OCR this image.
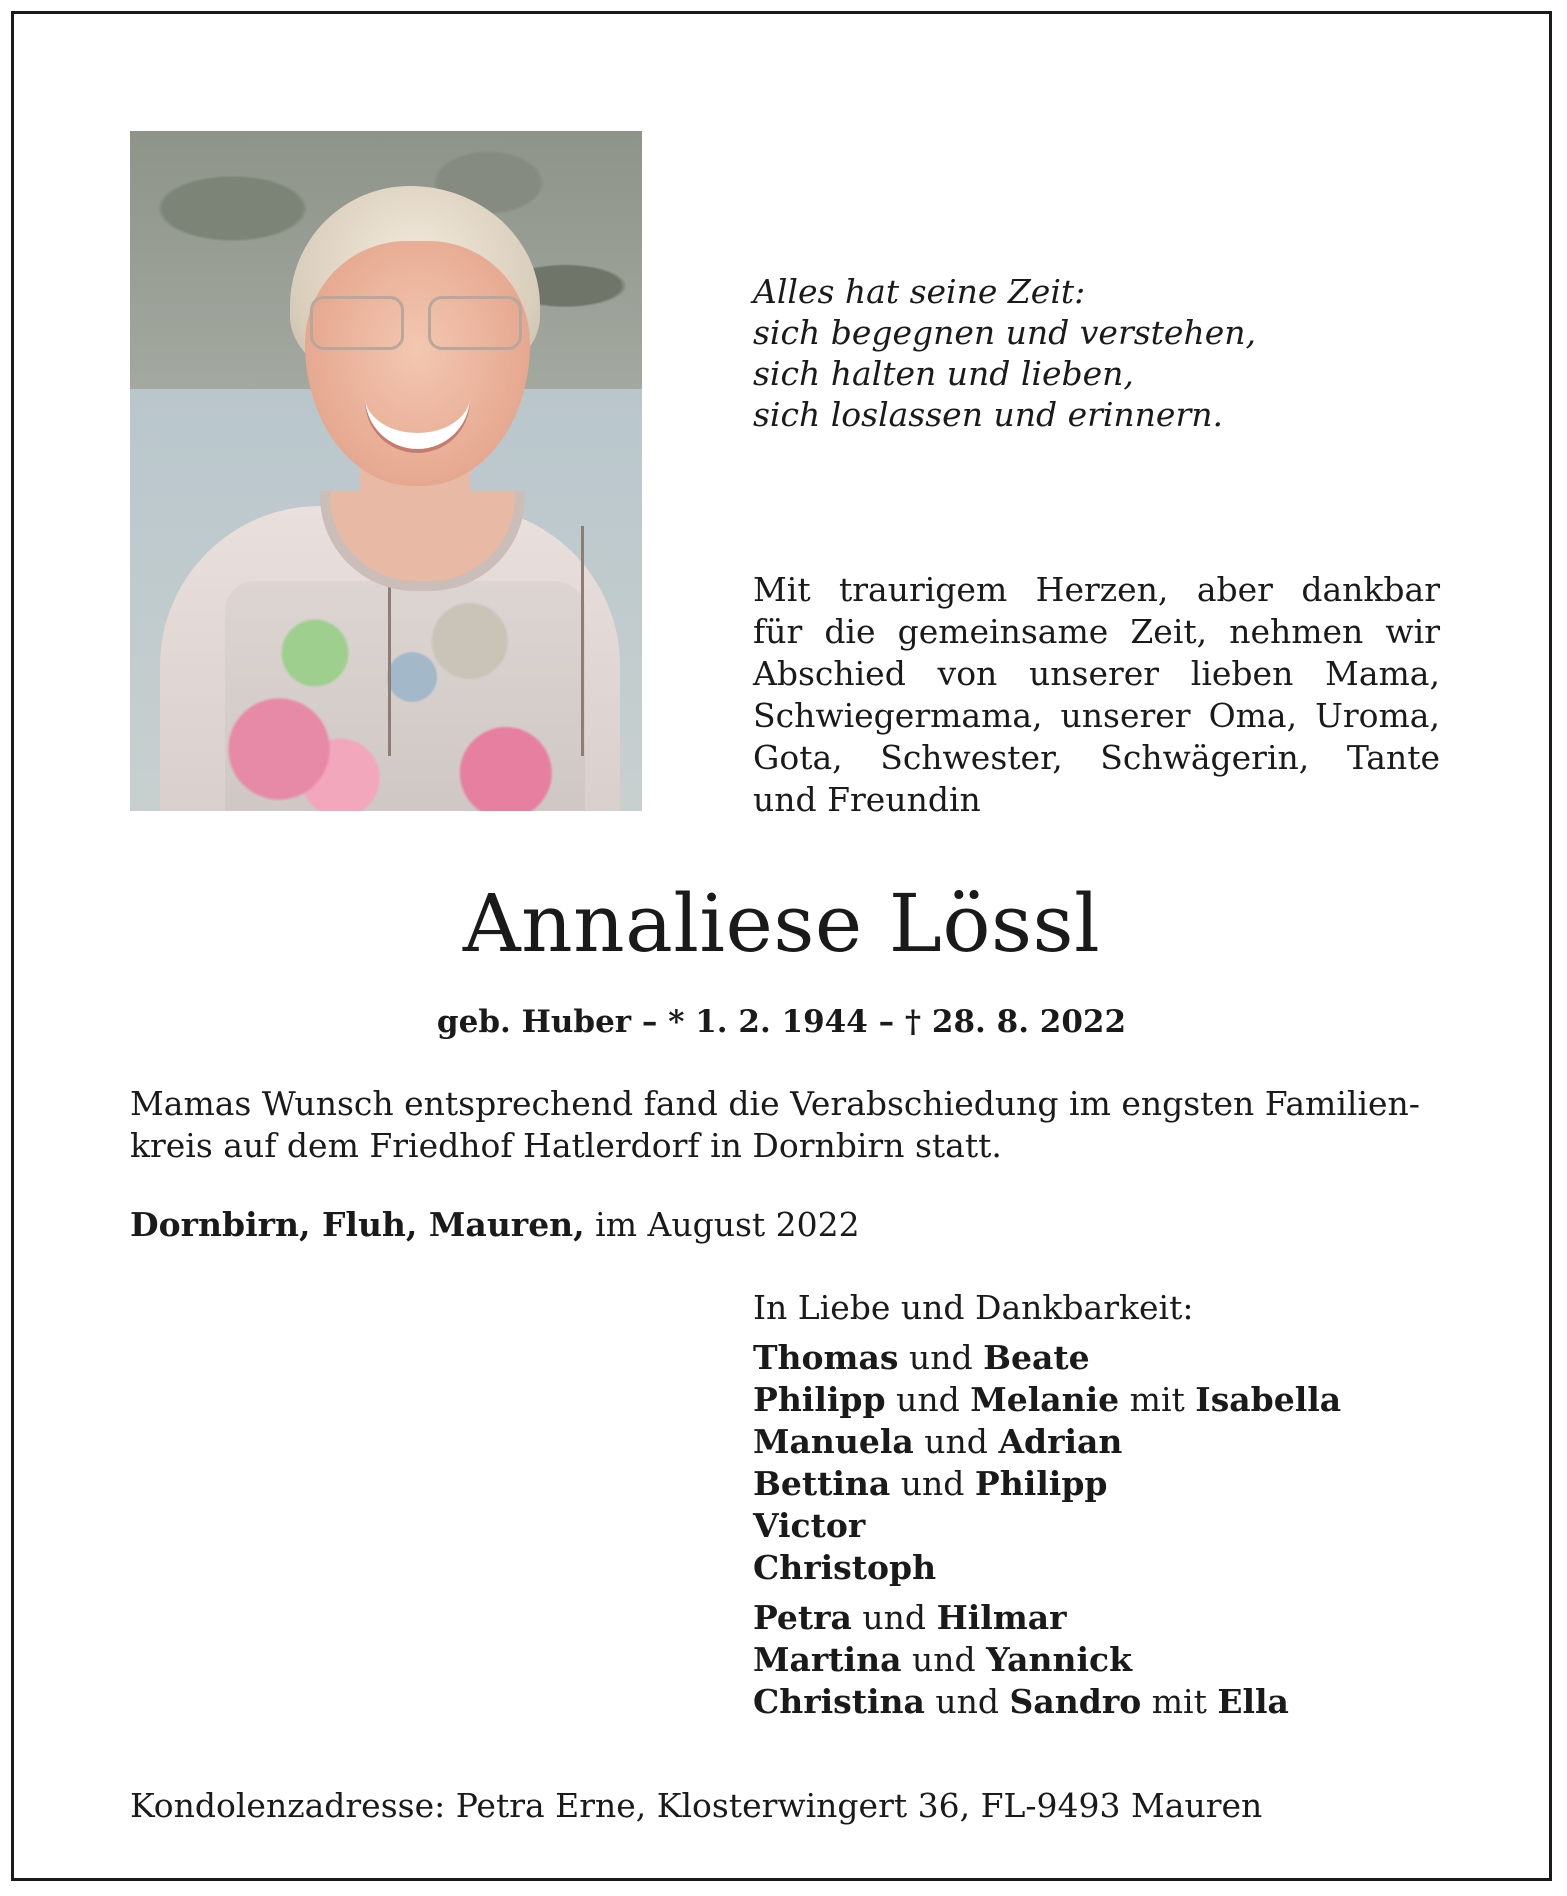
Alles hat seine Zeit:
sich begegnen und verstehen,
sich halten und lieben,
sich loslassen und erinnern.
Mit traurigem Herzen, aber dankbar
für die gemeinsame Zeit, nehmen wir
Abschied von unserer lieben Mama,
Schwiegermama, unserer Oma, Uroma,
Gota, Schwester, Schwägerin, Tante
und Freundin
Annaliese Lössl
geb. Huber – * 1. 2. 1944 – † 28. 8. 2022
Mamas Wunsch entsprechend fand die Verabschiedung im engsten Familien-
kreis auf dem Friedhof Hatlerdorf in Dornbirn statt.
Dornbirn, Fluh, Mauren, im August 2022
In Liebe und Dankbarkeit:
Thomas und Beate
Philipp und Melanie mit Isabella
Manuela und Adrian
Bettina und Philipp
Victor
Christoph
Petra und Hilmar
Martina und Yannick
Christina und Sandro mit Ella
Kondolenzadresse: Petra Erne, Klosterwingert 36, FL-9493 Mauren
